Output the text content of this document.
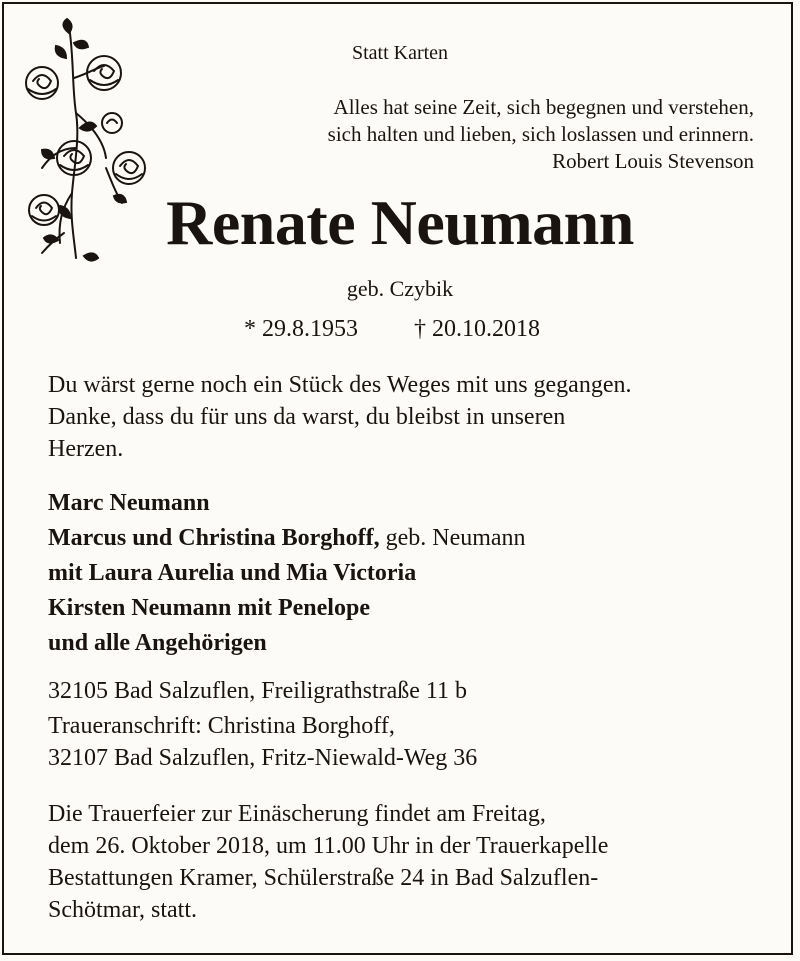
Statt Karten
Alles hat seine Zeit, sich begegnen und verstehen,
sich halten und lieben, sich loslassen und erinnern.
Robert Louis Stevenson
Renate Neumann
geb. Czybik
* 29.8.1953 † 20.10.2018
Du wärst gerne noch ein Stück des Weges mit uns gegangen.
Danke, dass du für uns da warst, du bleibst in unseren
Herzen.
Marc Neumann
Marcus und Christina Borghoff, geb. Neumann
mit Laura Aurelia und Mia Victoria
Kirsten Neumann mit Penelope
und alle Angehörigen
32105 Bad Salzuflen, Freiligrathstraße 11 b
Traueranschrift: Christina Borghoff,
32107 Bad Salzuflen, Fritz-Niewald-Weg 36
Die Trauerfeier zur Einäscherung findet am Freitag,
dem 26. Oktober 2018, um 11.00 Uhr in der Trauerkapelle
Bestattungen Kramer, Schülerstraße 24 in Bad Salzuflen-
Schötmar, statt.
